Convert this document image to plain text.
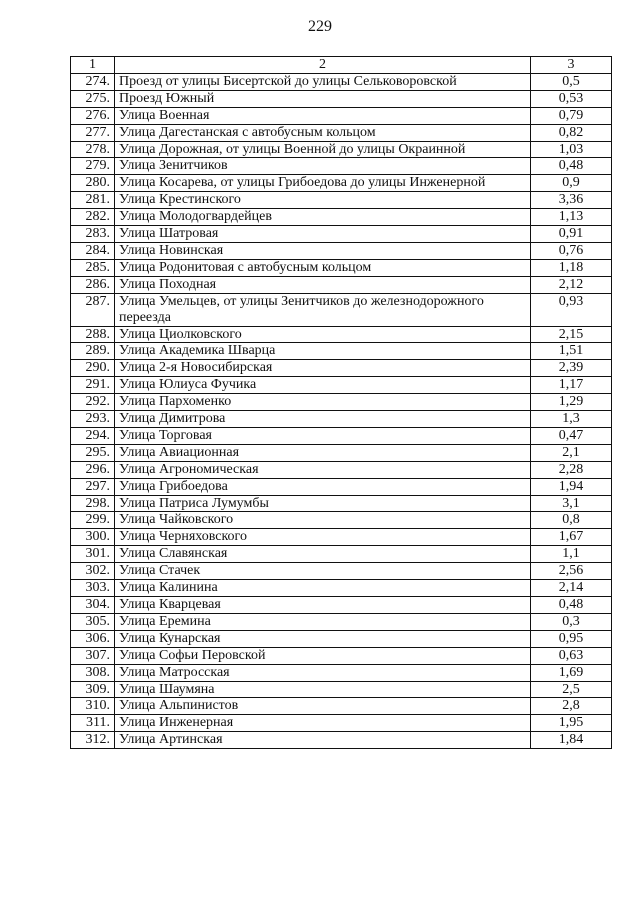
229
1	2	3
274.	Проезд от улицы Бисертской до улицы Сельковоровской	0,5
275.	Проезд Южный	0,53
276.	Улица Военная	0,79
277.	Улица Дагестанская с автобусным кольцом	0,82
278.	Улица Дорожная, от улицы Военной до улицы Окраинной	1,03
279.	Улица Зенитчиков	0,48
280.	Улица Косарева, от улицы Грибоедова до улицы Инженерной	0,9
281.	Улица Крестинского	3,36
282.	Улица Молодогвардейцев	1,13
283.	Улица Шатровая	0,91
284.	Улица Новинская	0,76
285.	Улица Родонитовая с автобусным кольцом	1,18
286.	Улица Походная	2,12
287.	Улица Умельцев, от улицы Зенитчиков до железнодорожного переезда	0,93
288.	Улица Циолковского	2,15
289.	Улица Академика Шварца	1,51
290.	Улица 2-я Новосибирская	2,39
291.	Улица Юлиуса Фучика	1,17
292.	Улица Пархоменко	1,29
293.	Улица Димитрова	1,3
294.	Улица Торговая	0,47
295.	Улица Авиационная	2,1
296.	Улица Агрономическая	2,28
297.	Улица Грибоедова	1,94
298.	Улица Патриса Лумумбы	3,1
299.	Улица Чайковского	0,8
300.	Улица Черняховского	1,67
301.	Улица Славянская	1,1
302.	Улица Стачек	2,56
303.	Улица Калинина	2,14
304.	Улица Кварцевая	0,48
305.	Улица Еремина	0,3
306.	Улица Кунарская	0,95
307.	Улица Софьи Перовской	0,63
308.	Улица Матросская	1,69
309.	Улица Шаумяна	2,5
310.	Улица Альпинистов	2,8
311.	Улица Инженерная	1,95
312.	Улица Артинская	1,84
